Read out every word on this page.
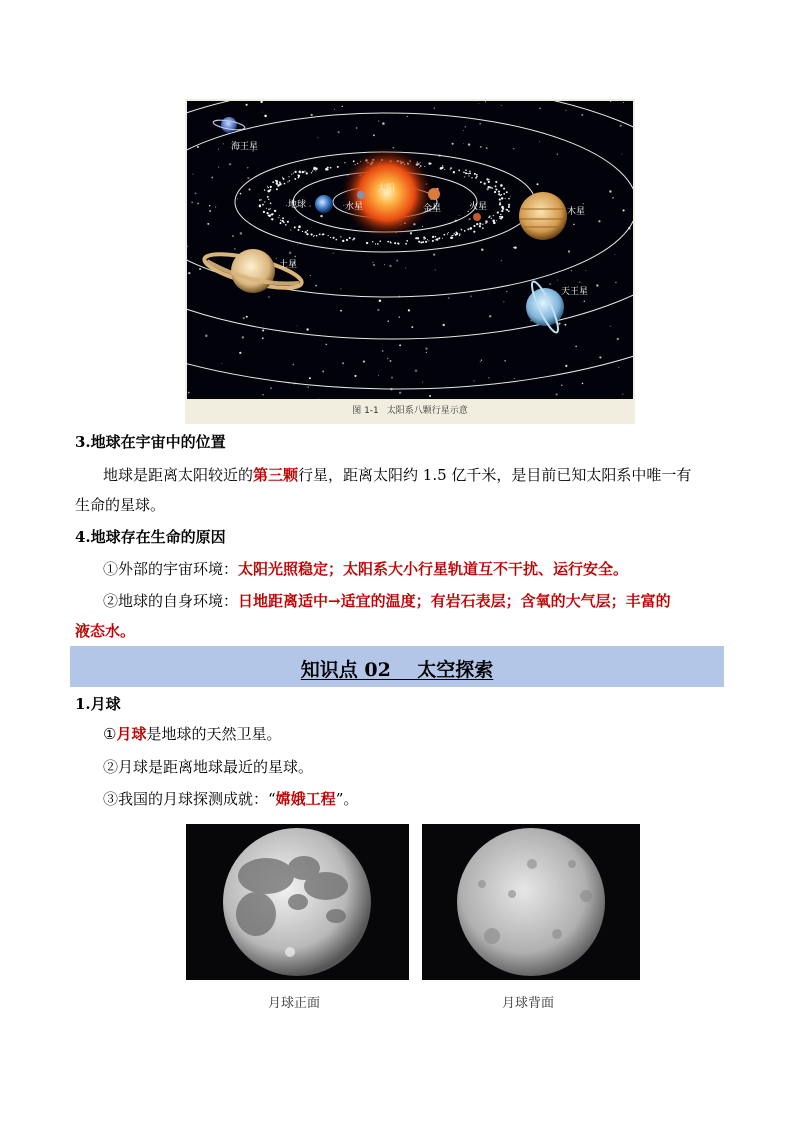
海王星
太阳
地球	水星	金星	火星	木星
土星
天王星
图 1-1 太阳系八颗行星示意
3.地球在宇宙中的位置
地球是距离太阳较近的第三颗行星，距离太阳约 1.5 亿千米，是目前已知太阳系中唯一有
生命的星球。
4.地球存在生命的原因
①外部的宇宙环境：太阳光照稳定；太阳系大小行星轨道互不干扰、运行安全。
②地球的自身环境：日地距离适中→适宜的温度；有岩石表层；含氧的大气层；丰富的
液态水。
知识点 02    太空探索
1.月球
①月球是地球的天然卫星。
②月球是距离地球最近的星球。
③我国的月球探测成就：“嫦娥工程”。
月球正面	月球背面
